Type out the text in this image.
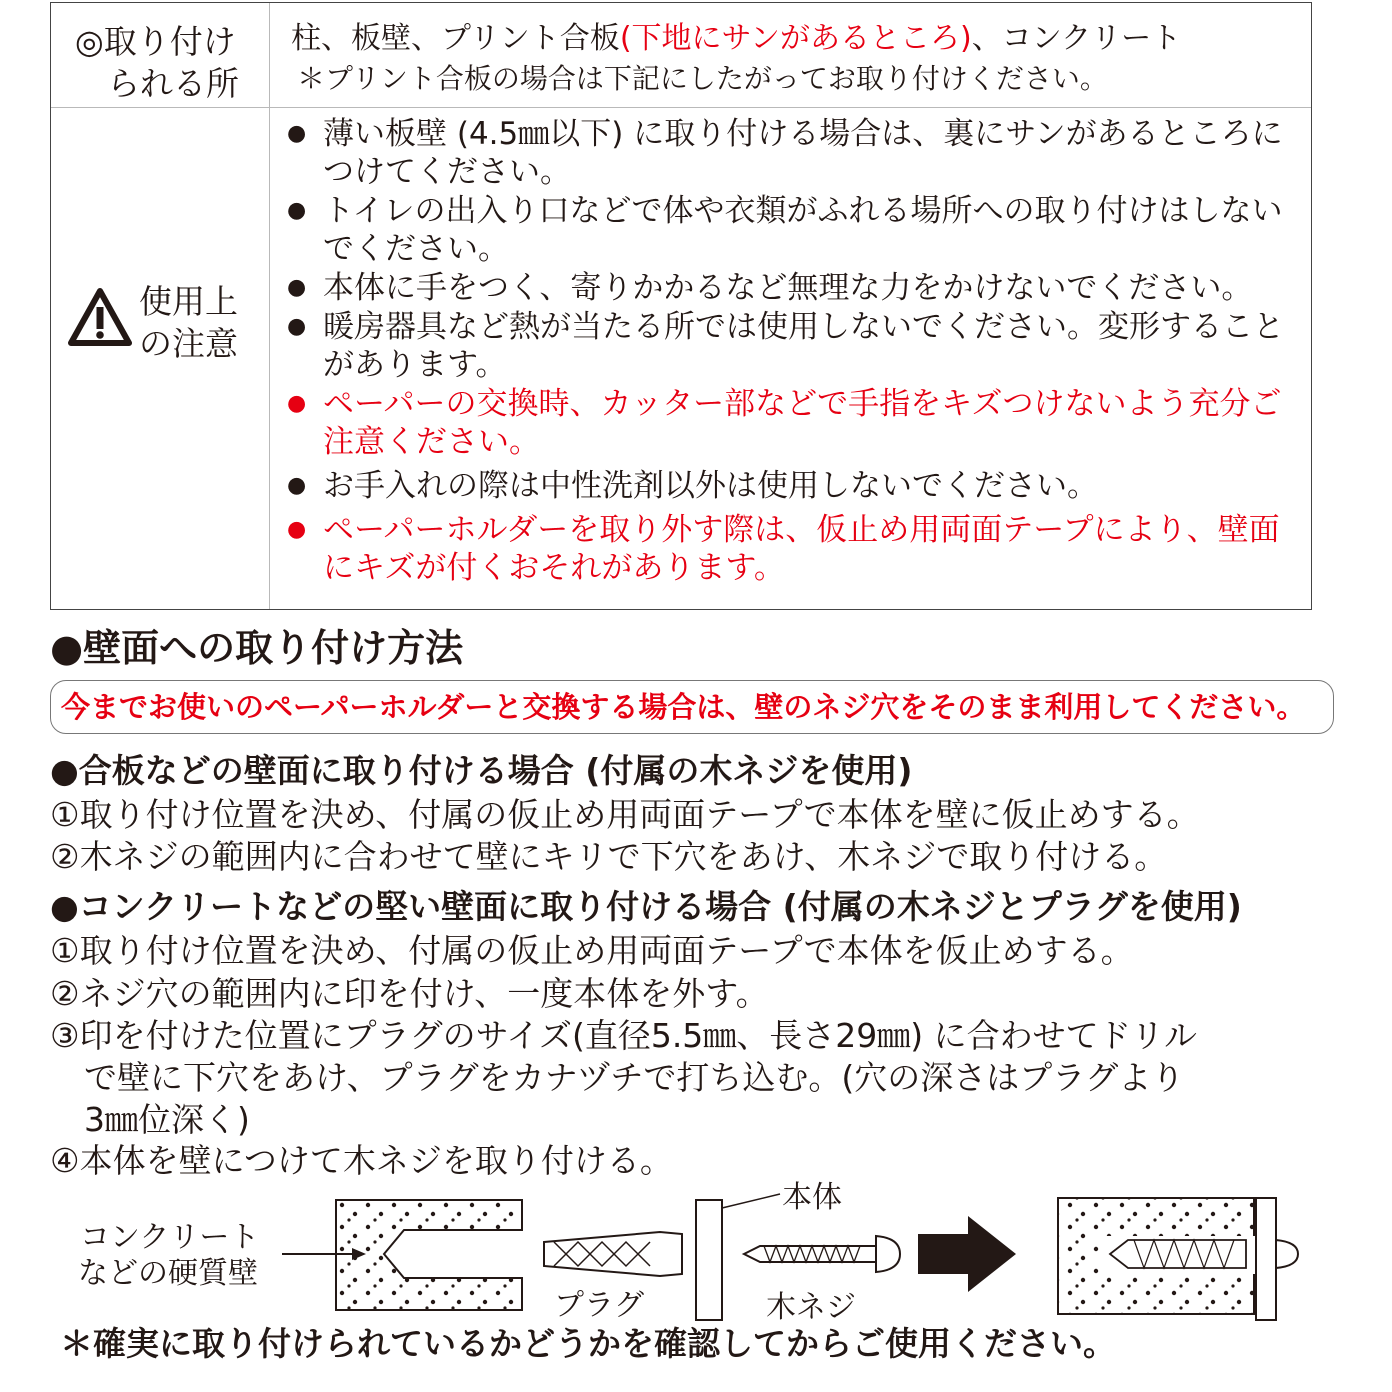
◎取り付け
られる所
柱、板壁、プリント合板(下地にサンがあるところ)、コンクリート
＊プリント合板の場合は下記にしたがってお取り付けください。
使用上
の注意
● 薄い板壁 (4.5㎜以下) に取り付ける場合は、裏にサンがあるところにつけてください。
● トイレの出入り口などで体や衣類がふれる場所への取り付けはしないでください。
● 本体に手をつく、寄りかかるなど無理な力をかけないでください。
● 暖房器具など熱が当たる所では使用しないでください。変形することがあります。
● ペーパーの交換時、カッター部などで手指をキズつけないよう充分ご注意ください。
● お手入れの際は中性洗剤以外は使用しないでください。
● ペーパーホルダーを取り外す際は、仮止め用両面テープにより、壁面にキズが付くおそれがあります。
●壁面への取り付け方法
今までお使いのペーパーホルダーと交換する場合は、壁のネジ穴をそのまま利用してください。
●合板などの壁面に取り付ける場合 (付属の木ネジを使用)
①取り付け位置を決め、付属の仮止め用両面テープで本体を壁に仮止めする。
②木ネジの範囲内に合わせて壁にキリで下穴をあけ、木ネジで取り付ける。
●コンクリートなどの堅い壁面に取り付ける場合 (付属の木ネジとプラグを使用)
①取り付け位置を決め、付属の仮止め用両面テープで本体を仮止めする。
②ネジ穴の範囲内に印を付け、一度本体を外す。
③印を付けた位置にプラグのサイズ(直径5.5㎜、長さ29㎜) に合わせてドリル
で壁に下穴をあけ、プラグをカナヅチで打ち込む。(穴の深さはプラグより
3㎜位深く)
④本体を壁につけて木ネジを取り付ける。
コンクリート
などの硬質壁
プラグ
本体
木ネジ
＊確実に取り付けられているかどうかを確認してからご使用ください。
